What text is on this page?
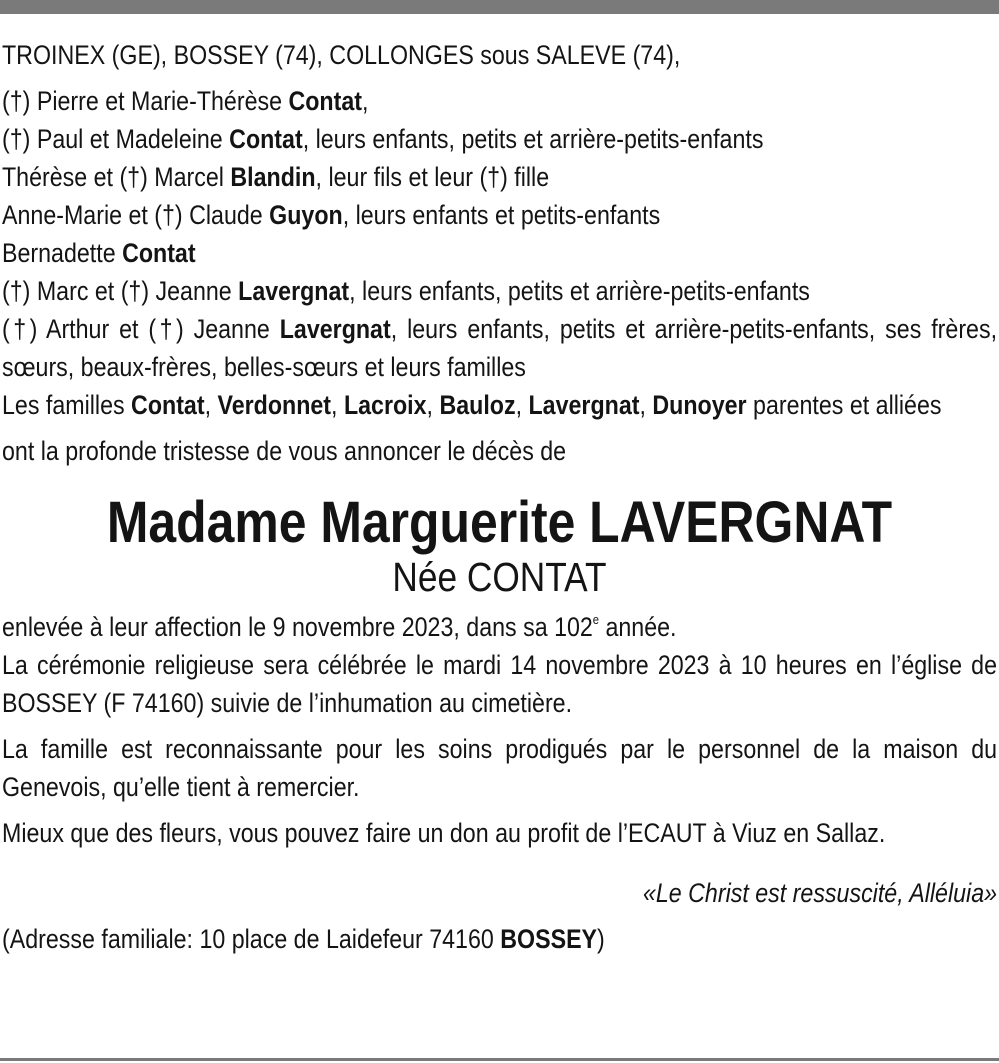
TROINEX (GE), BOSSEY (74), COLLONGES sous SALEVE (74),
(†) Pierre et Marie-Thérèse Contat,
(†) Paul et Madeleine Contat, leurs enfants, petits et arrière-petits-enfants
Thérèse et (†) Marcel Blandin, leur fils et leur (†) fille
Anne-Marie et (†) Claude Guyon, leurs enfants et petits-enfants
Bernadette Contat
(†) Marc et (†) Jeanne Lavergnat, leurs enfants, petits et arrière-petits-enfants
(†) Arthur et (†) Jeanne Lavergnat, leurs enfants, petits et arrière-petits-enfants, ses frères, sœurs, beaux-frères, belles-sœurs et leurs familles
Les familles Contat, Verdonnet, Lacroix, Bauloz, Lavergnat, Dunoyer parentes et alliées
ont la profonde tristesse de vous annoncer le décès de
Madame Marguerite LAVERGNAT
Née CONTAT
enlevée à leur affection le 9 novembre 2023, dans sa 102e année.
La cérémonie religieuse sera célébrée le mardi 14 novembre 2023 à 10 heures en l’église de BOSSEY (F 74160) suivie de l’inhumation au cimetière.
La famille est reconnaissante pour les soins prodigués par le personnel de la maison du Genevois, qu’elle tient à remercier.
Mieux que des fleurs, vous pouvez faire un don au profit de l’ECAUT à Viuz en Sallaz.
«Le Christ est ressuscité, Alléluia»
(Adresse familiale: 10 place de Laidefeur 74160 BOSSEY)
